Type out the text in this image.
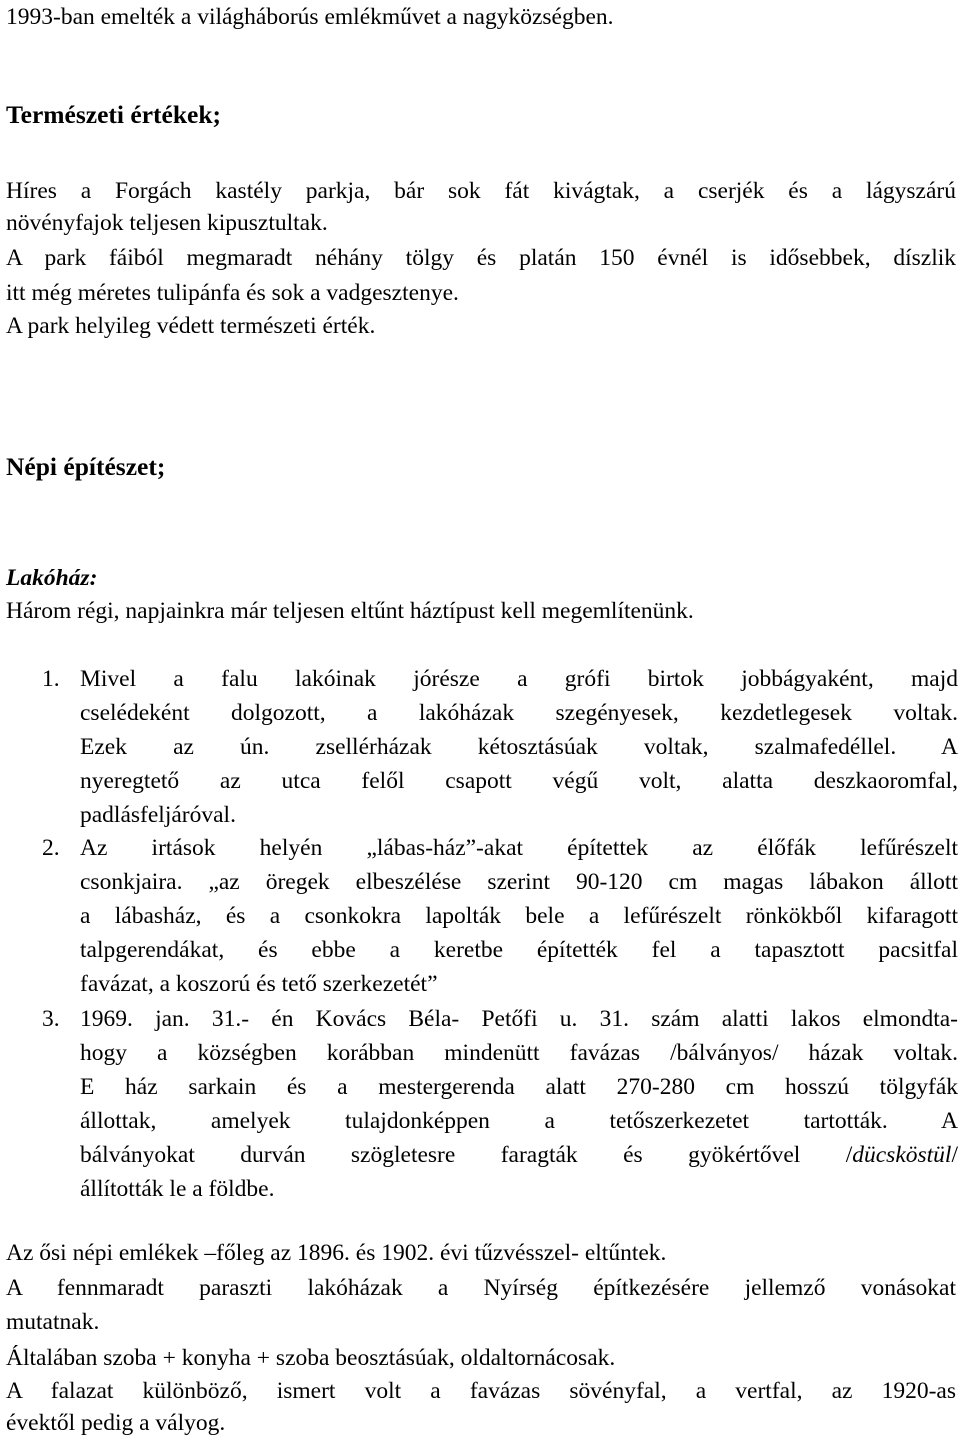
1993-ban emelték a világháborús emlékművet a nagyközségben.
Természeti értékek;
Híres a Forgách kastély parkja, bár sok fát kivágtak, a cserjék és a lágyszárú
növényfajok teljesen kipusztultak.
A park fáiból megmaradt néhány tölgy és platán 150 évnél is idősebbek, díszlik
itt még méretes tulipánfa és sok a vadgesztenye.
A park helyileg védett természeti érték.
Népi építészet;
Lakóház:
Három régi, napjainkra már teljesen eltűnt háztípust kell megemlítenünk.
1. Mivel a falu lakóinak jórésze a grófi birtok jobbágyaként, majd
cselédeként dolgozott, a lakóházak szegényesek, kezdetlegesek voltak.
Ezek az ún. zsellérházak kétosztásúak voltak, szalmafedéllel. A
nyeregtető az utca felől csapott végű volt, alatta deszkaoromfal,
padlásfeljáróval.
2. Az irtások helyén „lábas-ház”-akat építettek az élőfák lefűrészelt
csonkjaira. „az öregek elbeszélése szerint 90-120 cm magas lábakon állott
a lábasház, és a csonkokra lapolták bele a lefűrészelt rönkökből kifaragott
talpgerendákat, és ebbe a keretbe építették fel a tapasztott pacsitfal
favázat, a koszorú és tető szerkezetét”
3. 1969. jan. 31.- én Kovács Béla- Petőfi u. 31. szám alatti lakos elmondta-
hogy a községben korábban mindenütt favázas /bálványos/ házak voltak.
E ház sarkain és a mestergerenda alatt 270-280 cm hosszú tölgyfák
állottak, amelyek tulajdonképpen a tetőszerkezetet tartották. A
bálványokat durván szögletesre faragták és gyökértővel /dücsköstül/
állították le a földbe.
Az ősi népi emlékek –főleg az 1896. és 1902. évi tűzvésszel- eltűntek.
A fennmaradt paraszti lakóházak a Nyírség építkezésére jellemző vonásokat
mutatnak.
Általában szoba + konyha + szoba beosztásúak, oldaltornácosak.
A falazat különböző, ismert volt a favázas sövényfal, a vertfal, az 1920-as
évektől pedig a vályog.
